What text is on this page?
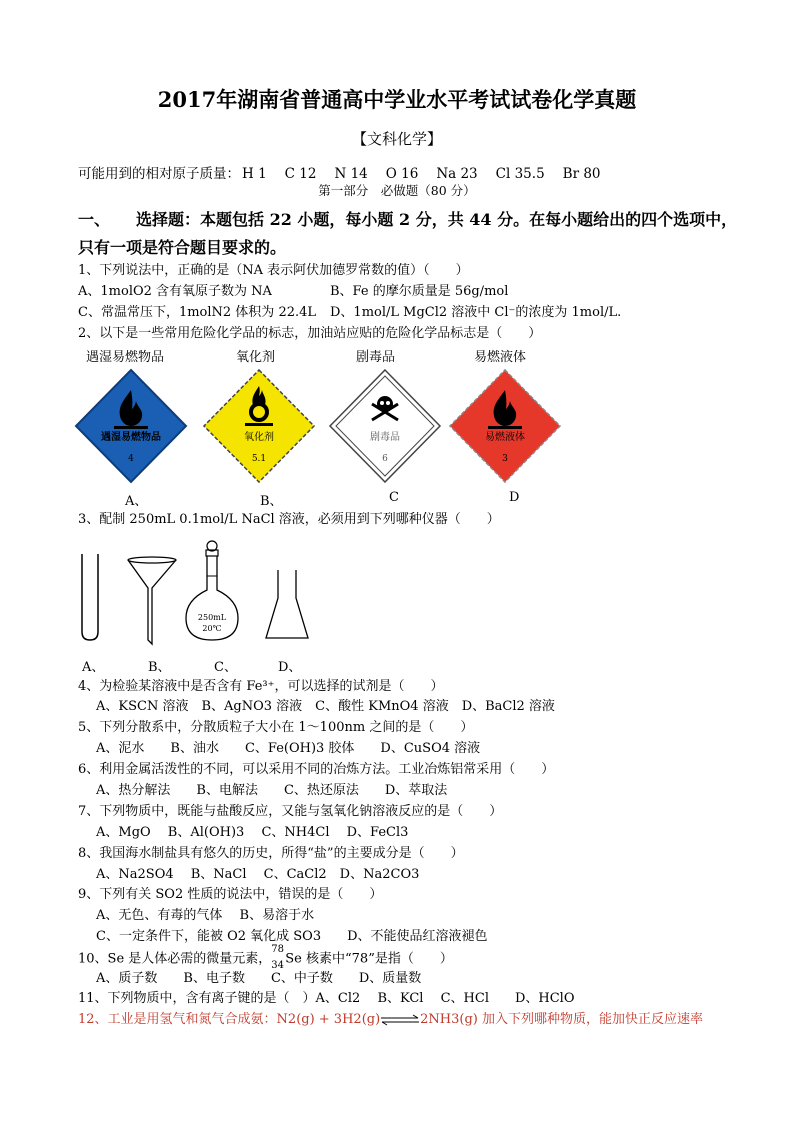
2017年湖南省普通高中学业水平考试试卷化学真题
【文科化学】
可能用到的相对原子质量： H 1 C 12 N 14 O 16 Na 23 Cl 35.5 Br 80
第一部分　必做题（80 分）
一、 选择题：本题包括 22 小题，每小题 2 分，共 44 分。在每小题给出的四个选项中，只有一项是符合题目要求的。
1、下列说法中，正确的是（NA 表示阿伏加德罗常数的值）（　　）
A、1molO2 含有氧原子数为 NA	B、Fe 的摩尔质量是 56g/mol
C、常温常压下，1molN2 体积为 22.4L D、1mol/L MgCl2 溶液中 Cl⁻的浓度为 1mol/L.
2、以下是一些常用危险化学品的标志，加油站应贴的危险化学品标志是（　　）
遇湿易燃物品	氧化剂	剧毒品	易燃液体
遇湿易燃物品
4
氧化剂
5.1
剧毒品
6
易燃液体
3
A、	B、	C	D
3、配制 250mL 0.1mol/L NaCl 溶液，必须用到下列哪种仪器（　　）
250mL
20℃
A、	B、	C、	D、
4、为检验某溶液中是否含有 Fe³⁺，可以选择的试剂是（　　）
A、KSCN 溶液　B、AgNO3 溶液　C、酸性 KMnO4 溶液　D、BaCl2 溶液
5、下列分散系中，分散质粒子大小在 1～100nm 之间的是（　　）
A、泥水　　B、油水　　C、Fe(OH)3 胶体　　D、CuSO4 溶液
6、利用金属活泼性的不同，可以采用不同的冶炼方法。工业冶炼铝常采用（　　）
A、热分解法　　B、电解法　　C、热还原法　　D、萃取法
7、下列物质中，既能与盐酸反应，又能与氢氧化钠溶液反应的是（　　）
A、MgO　 B、Al(OH)3　 C、NH4Cl　 D、FeCl3
8、我国海水制盐具有悠久的历史，所得“盐”的主要成分是（　　）
A、Na2SO4　 B、NaCl　 C、CaCl2　D、Na2CO3
9、下列有关 SO2 性质的说法中，错误的是（　　）
A、无色、有毒的气体　 B、易溶于水
C、一定条件下，能被 O2 氧化成 SO3　　D、不能使品红溶液褪色
10、Se 是人体必需的微量元素，
78
34 Se 核素中“78”是指（　　）
A、质子数　　B、电子数　　C、中子数　　D、质量数
11、下列物质中，含有离子键的是（　）A、Cl2　 B、KCl　 C、HCl　　D、HClO
12、工业是用氢气和氮气合成氨：N2(g) + 3H2(g)⇌2NH3(g) 加入下列哪种物质，能加快正反应速率
